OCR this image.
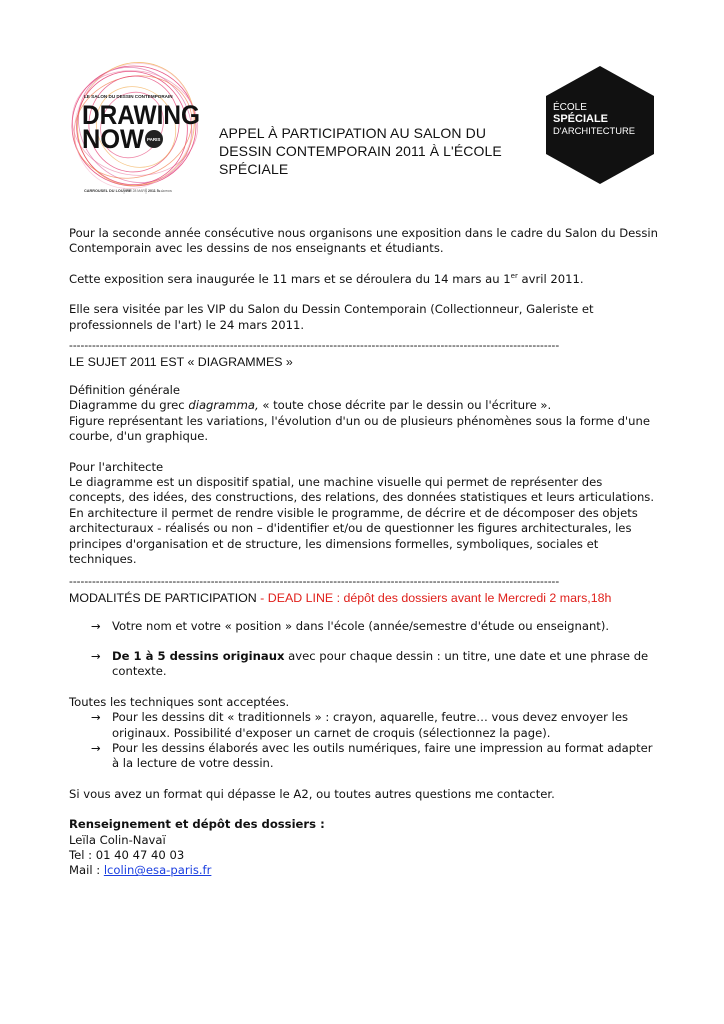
LE SALON DU DESSIN CONTEMPORAIN
DRAWING
NOW PARIS
CARROUSEL DU LOUVRE
25 / 28 MARS 2011 5E ÉDITION
APPEL À PARTICIPATION AU SALON DU DESSIN CONTEMPORAIN 2011 À L'ÉCOLE SPÉCIALE
ÉCOLE
SPÉCIALE
D'ARCHITECTURE

Pour la seconde année consécutive nous organisons une exposition dans le cadre du Salon du Dessin Contemporain avec les dessins de nos enseignants et étudiants.

Cette exposition sera inaugurée le 11 mars et se déroulera du 14 mars au 1er avril 2011.

Elle sera visitée par les VIP du Salon du Dessin Contemporain (Collectionneur, Galeriste et professionnels de l'art) le 24 mars 2011.

--------------------------------------------------------------------------------------------------------------------------------

LE SUJET 2011 EST « DIAGRAMMES »

Définition générale

Diagramme du grec diagramma, « toute chose décrite par le dessin ou l'écriture ».

Figure représentant les variations, l'évolution d'un ou de plusieurs phénomènes sous la forme d'une courbe, d'un graphique.

Pour l'architecte

Le diagramme est un dispositif spatial, une machine visuelle qui permet de représenter des concepts, des idées, des constructions, des relations, des données statistiques et leurs articulations.

En architecture il permet de rendre visible le programme, de décrire et de décomposer des objets architecturaux - réalisés ou non – d'identifier et/ou de questionner les figures architecturales, les principes d'organisation et de structure, les dimensions formelles, symboliques, sociales et techniques.

--------------------------------------------------------------------------------------------------------------------------------

MODALITÉS DE PARTICIPATION - DEAD LINE : dépôt des dossiers avant le Mercredi 2 mars,18h

→ Votre nom et votre « position » dans l'école (année/semestre d'étude ou enseignant).

→ De 1 à 5 dessins originaux avec pour chaque dessin : un titre, une date et une phrase de contexte.

Toutes les techniques sont acceptées.

→ Pour les dessins dit « traditionnels » : crayon, aquarelle, feutre… vous devez envoyer les originaux. Possibilité d'exposer un carnet de croquis (sélectionnez la page).

→ Pour les dessins élaborés avec les outils numériques, faire une impression au format adapter à la lecture de votre dessin.

Si vous avez un format qui dépasse le A2, ou toutes autres questions me contacter.

Renseignement et dépôt des dossiers :

Leïla Colin-Navaï

Tel : 01 40 47 40 03

Mail : lcolin@esa-paris.fr
